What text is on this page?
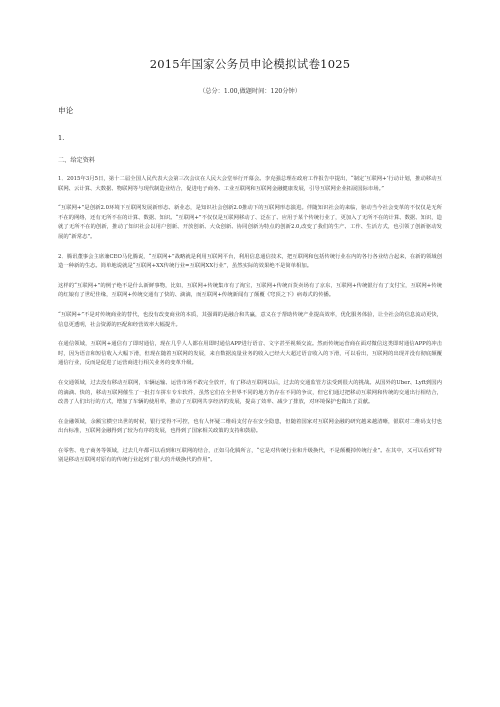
2015年国家公务员申论模拟试卷1025
（总分：1.00,做题时间：120分钟）
申论
1.
二、给定资料
1．2015年3月5日，第十二届全国人民代表大会第三次会议在人民大会堂举行开幕会。李克强总理在政府工作报告中提出，“制定‘互联网+’行动计划，推动移动互联网、云计算、大数据、物联网等与现代制造业结合，促进电子商务、工业互联网和互联网金融健康发展，引导互联网企业拓展国际市场。”
“互联网+”是创新2.0环境下互联网发展新形态、新业态，是知识社会创新2.0推动下的互联网形态演进。伴随知识社会的来临，驱动当今社会变革的不仅仅是无所不在的网络，还有无所不在的计算、数据、知识。“互联网+”不仅仅是互联网移动了、泛在了、应用于某个传统行业了，更加入了无所不在的计算、数据、知识，造就了无所不在的创新，推动了知识社会以用户创新、开放创新、大众创新、协同创新为特点的创新2.0,改变了我们的生产、工作、生活方式，也引领了创新驱动发展的“新常态”。
2．腾讯董事会主席兼CEO马化腾说，“互联网+”战略就是利用互联网平台，利用信息通信技术，把互联网和包括传统行业在内的各行各业结合起来，在新的领域创造一种新的生态。简单地说就是“互联网+XX传统行业=互联网XX行业”，虽然实际的效果绝不是简单相加。
这样的“互联网+”的例子绝不是什么新鲜事物，比如，互联网+传统集市有了淘宝，互联网+传统百货卖场有了京东，互联网+传统银行有了支付宝，互联网+传统的红娘有了世纪佳缘，互联网+传统交通有了快的、滴滴，而互联网+传统新闻有了颠覆《穹顶之下》病毒式的传播。
“互联网+”不是对传统商业的替代，也没有改变商业的本质，其强调的是融合和共赢，意义在于帮助传统产业提高效率，优化服务体验，让全社会的信息流动更快，信息更透明，社会资源的匹配和经营效率大幅提升。
在通信领域，互联网+通信有了即时通信，现在几乎人人都在用即时通信APP进行语音、文字甚至视频交流。然而传统运营商在面对微信这类即时通信APP的冲击时，因为语音和短信收入大幅下滑，但现在随着互联网的发展，来自数据流量业务的收入已经大大超过语音收入的下滑，可以看出，互联网的出现并没有彻底颠覆通信行业，反而是促进了运营商进行相关业务的变革升级。
在交通领域，过去没有移动互联网，车辆运输、运营市场不敢完全放开，有了移动互联网以后，过去的交通监管方法受到很大的挑战。从国外的Uber、Lyft到国内的滴滴、快的，移动互联网催生了一批打车拼车专车软件，虽然它们在全世界不同的地方仍存在不同的争议，但它们通过把移动互联网和传统的交通出行相结合，改善了人们出行的方式，增加了车辆的使用率，推动了互联网共享经济的发展，提高了效率、减少了排放，对环境保护也做出了贡献。
在金融领域，余额宝横空出世的时候，银行觉得不可控，也有人怀疑二维码支付存在安全隐患，但随着国家对互联网金融的研究越来越清晰，银联对二维码支付也出台标准，互联网金融得到了较为有序的发展，也得到了国家相关政策的支持和鼓励。
在零售、电子商务等领域，过去几年都可以看到和互联网的结合，正如马化腾所言，“它是对传统行业和升级换代，不是颠覆掉传统行业”。在其中，又可以看到“特别是移动互联网对原有的传统行业起到了很大的升级换代的作用”。
